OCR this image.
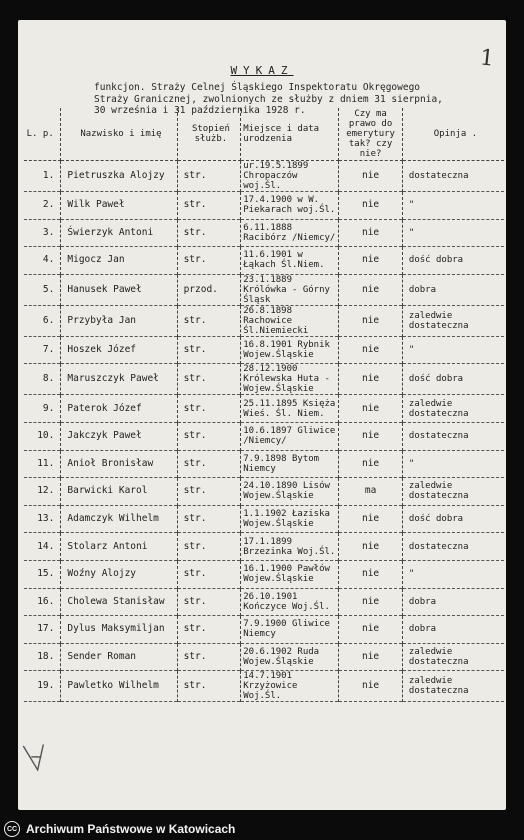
1
WYKAZ
funkcjon. Straży Celnej Śląskiego Inspektoratu Okręgowego
Straży Granicznej, zwolnionych ze służby z dniem 31 sierpnia,
30 września i 31 października 1928 r.
L. p.	Nazwisko i imię	Stopień służb.	Miejsce i data urodzenia	Czy ma prawo do emerytury tak? czy nie?	Opinja .
1.	Pietruszka Alojzy	str.	ur.19.5.1899 Chropaczów woj.Śl.	nie	dostateczna
2.	Wilk Paweł	str.	17.4.1900 w W. Piekarach woj.Śl.	nie	"
3.	Świerzyk Antoni	str.	6.11.1888 Racibórz /Niemcy/	nie	"
4.	Migocz Jan	str.	11.6.1901 w Łąkach Śl.Niem.	nie	dość dobra
5.	Hanusek Paweł	przod.	23.1.1889 Królówka - Górny Śląsk	nie	dobra
6.	Przybyła Jan	str.	26.8.1898 Rachowice Śl.Niemiecki	nie	zaledwie dostateczna
7.	Hoszek Józef	str.	16.8.1901 Rybnik Wojew.Śląskie	nie	"
8.	Maruszczyk Paweł	str.	28.12.1900 Królewska Huta - Wojew.Śląskie	nie	dość dobra
9.	Paterok Józef	str.	25.11.1895 Księża Wieś. Śl. Niem.	nie	zaledwie dostateczna
10.	Jakczyk Paweł	str.	10.6.1897 Gliwice /Niemcy/	nie	dostateczna
11.	Anioł Bronisław	str.	7.9.1898 Bytom Niemcy	nie	"
12.	Barwicki Karol	str.	24.10.1890 Lisów Wojew.Śląskie	ma	zaledwie dostateczna
13.	Adamczyk Wilhelm	str.	1.1.1902 Łaziska Wojew.Śląskie	nie	dość dobra
14.	Stolarz Antoni	str.	17.1.1899 Brzezinka Woj.Śl.	nie	dostateczna
15.	Woźny Alojzy	str.	16.1.1900 Pawłów Wojew.Śląskie	nie	"
16.	Cholewa Stanisław	str.	26.10.1901 Kończyce Woj.Śl.	nie	dobra
17.	Dylus Maksymiljan	str.	7.9.1900 Gliwice Niemcy	nie	dobra
18.	Sender Roman	str.	20.6.1902 Ruda Wojew.Śląskie	nie	zaledwie dostateczna
19.	Pawletko Wilhelm	str.	14.7.1901 Krzyżowice Woj.Śl.	nie	zaledwie dostateczna
CC Archiwum Państwowe w Katowicach
